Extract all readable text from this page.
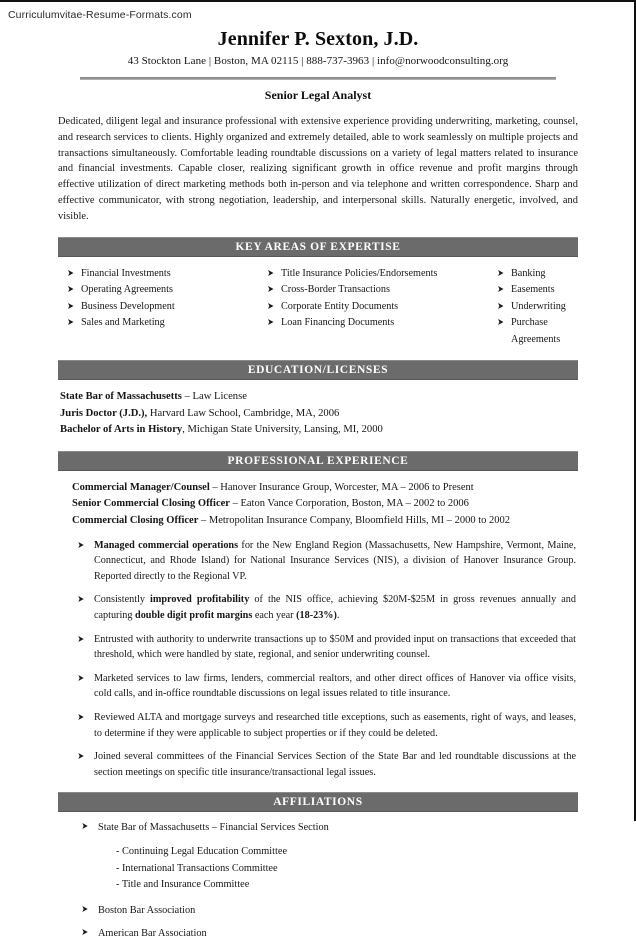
Curriculumvitae-Resume-Formats.com
Jennifer P. Sexton, J.D.
43 Stockton Lane | Boston, MA 02115 | 888-737-3963 | info@norwoodconsulting.org
Senior Legal Analyst
Dedicated, diligent legal and insurance professional with extensive experience providing underwriting, marketing, counsel, and research services to clients. Highly organized and extremely detailed, able to work seamlessly on multiple projects and transactions simultaneously. Comfortable leading roundtable discussions on a variety of legal matters related to insurance and financial investments. Capable closer, realizing significant growth in office revenue and profit margins through effective utilization of direct marketing methods both in-person and via telephone and written correspondence. Sharp and effective communicator, with strong negotiation, leadership, and interpersonal skills. Naturally energetic, involved, and visible.
KEY AREAS OF EXPERTISE
➤ Financial Investments
➤ Operating Agreements
➤ Business Development
➤ Sales and Marketing
➤ Title Insurance Policies/Endorsements
➤ Cross-Border Transactions
➤ Corporate Entity Documents
➤ Loan Financing Documents
➤ Banking
➤ Easements
➤ Underwriting
➤ Purchase Agreements
EDUCATION/LICENSES
State Bar of Massachusetts – Law License
Juris Doctor (J.D.), Harvard Law School, Cambridge, MA, 2006
Bachelor of Arts in History, Michigan State University, Lansing, MI, 2000
PROFESSIONAL EXPERIENCE
Commercial Manager/Counsel – Hanover Insurance Group, Worcester, MA – 2006 to Present
Senior Commercial Closing Officer – Eaton Vance Corporation, Boston, MA – 2002 to 2006
Commercial Closing Officer – Metropolitan Insurance Company, Bloomfield Hills, MI – 2000 to 2002
➤ Managed commercial operations for the New England Region (Massachusetts, New Hampshire, Vermont, Maine, Connecticut, and Rhode Island) for National Insurance Services (NIS), a division of Hanover Insurance Group. Reported directly to the Regional VP.
➤ Consistently improved profitability of the NIS office, achieving $20M-$25M in gross revenues annually and capturing double digit profit margins each year (18-23%).
➤ Entrusted with authority to underwrite transactions up to $50M and provided input on transactions that exceeded that threshold, which were handled by state, regional, and senior underwriting counsel.
➤ Marketed services to law firms, lenders, commercial realtors, and other direct offices of Hanover via office visits, cold calls, and in-office roundtable discussions on legal issues related to title insurance.
➤ Reviewed ALTA and mortgage surveys and researched title exceptions, such as easements, right of ways, and leases, to determine if they were applicable to subject properties or if they could be deleted.
➤ Joined several committees of the Financial Services Section of the State Bar and led roundtable discussions at the section meetings on specific title insurance/transactional legal issues.
AFFILIATIONS
➤ State Bar of Massachusetts – Financial Services Section
- Continuing Legal Education Committee
- International Transactions Committee
- Title and Insurance Committee
➤ Boston Bar Association
➤ American Bar Association
